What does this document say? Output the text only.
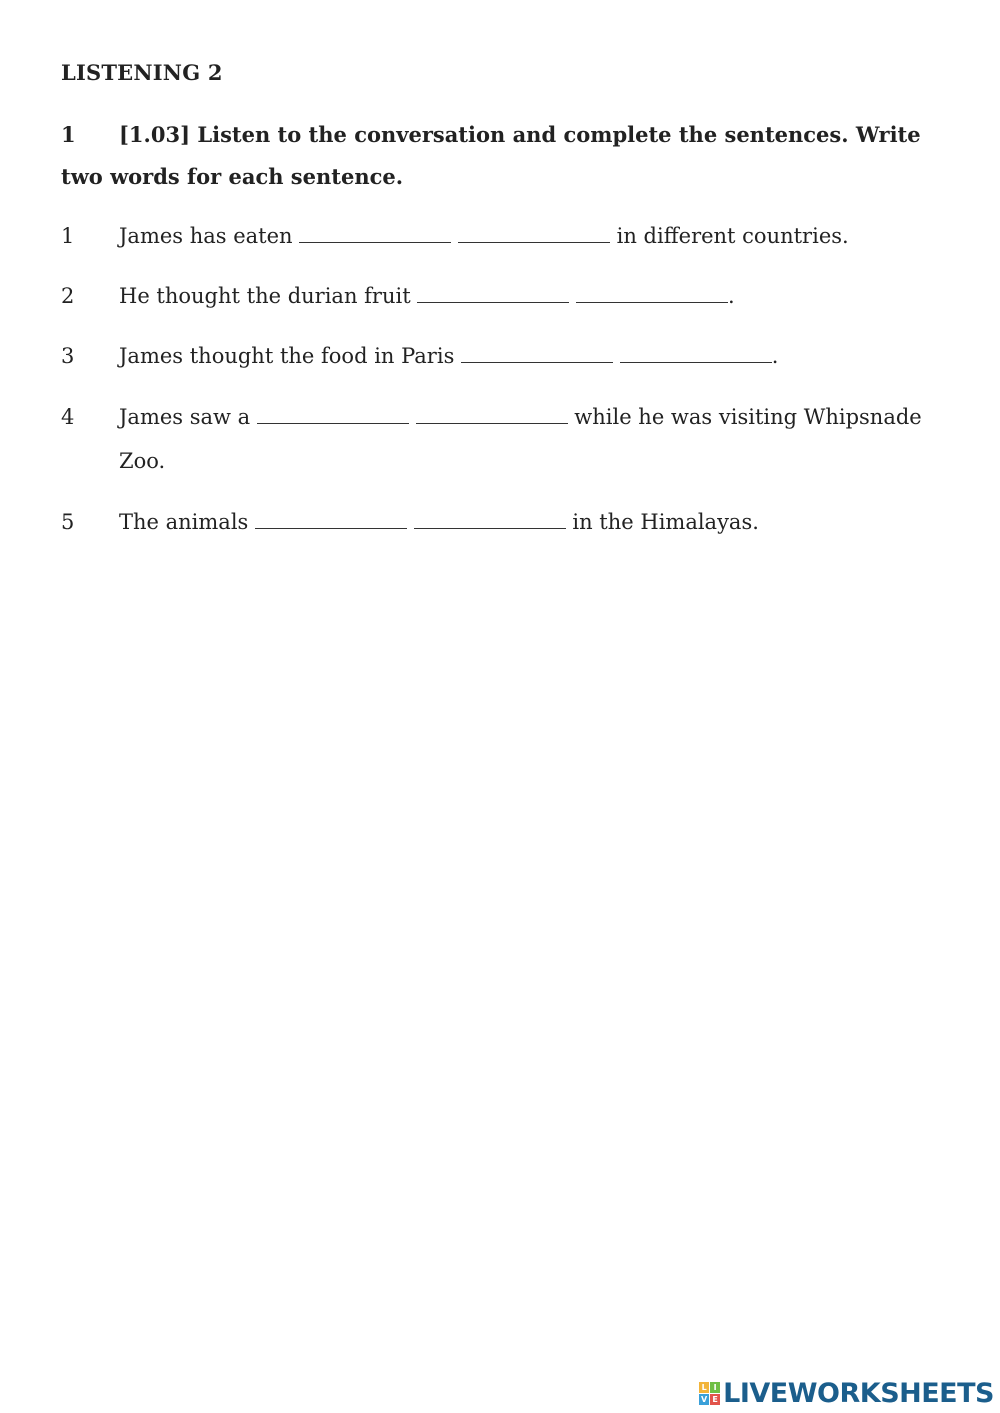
LISTENING 2
1 [1.03] Listen to the conversation and complete the sentences. Write two words for each sentence.
1 James has eaten	in different countries.
2 He thought the durian fruit	.
3 James thought the food in Paris	.
4 James saw a	while he was visiting Whipsnade Zoo.
5 The animals	in the Himalayas.
L I
V E LIVEWORKSHEETS
